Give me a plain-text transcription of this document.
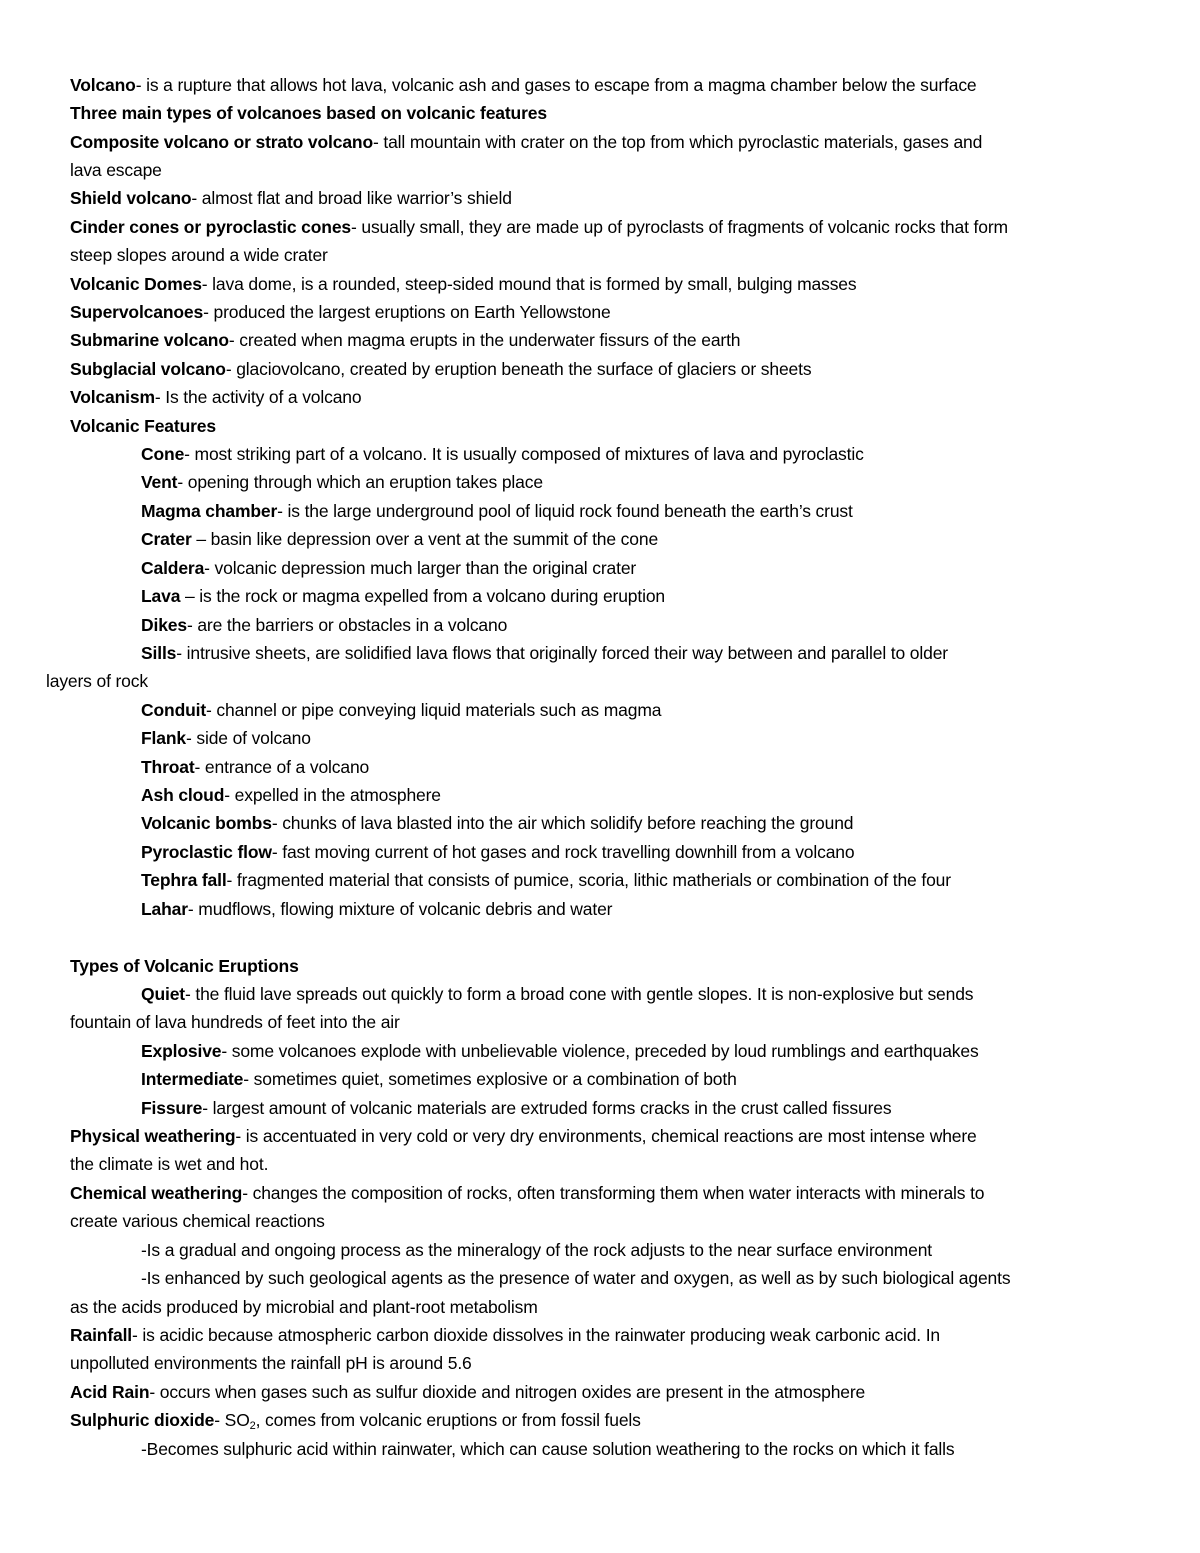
Volcano- is a rupture that allows hot lava, volcanic ash and gases to escape from a magma chamber below the surface
Three main types of volcanoes based on volcanic features
Composite volcano or strato volcano- tall mountain with crater on the top from which pyroclastic materials, gases and
lava escape
Shield volcano- almost flat and broad like warrior’s shield
Cinder cones or pyroclastic cones- usually small, they are made up of pyroclasts of fragments of volcanic rocks that form
steep slopes around a wide crater
Volcanic Domes- lava dome, is a rounded, steep-sided mound that is formed by small, bulging masses
Supervolcanoes- produced the largest eruptions on Earth Yellowstone
Submarine volcano- created when magma erupts in the underwater fissurs of the earth
Subglacial volcano- glaciovolcano, created by eruption beneath the surface of glaciers or sheets
Volcanism- Is the activity of a volcano
Volcanic Features
Cone- most striking part of a volcano. It is usually composed of mixtures of lava and pyroclastic
Vent- opening through which an eruption takes place
Magma chamber- is the large underground pool of liquid rock found beneath the earth’s crust
Crater – basin like depression over a vent at the summit of the cone
Caldera- volcanic depression much larger than the original crater
Lava – is the rock or magma expelled from a volcano during eruption
Dikes- are the barriers or obstacles in a volcano
Sills- intrusive sheets, are solidified lava flows that originally forced their way between and parallel to older
layers of rock
Conduit- channel or pipe conveying liquid materials such as magma
Flank- side of volcano
Throat- entrance of a volcano
Ash cloud- expelled in the atmosphere
Volcanic bombs- chunks of lava blasted into the air which solidify before reaching the ground
Pyroclastic flow- fast moving current of hot gases and rock travelling downhill from a volcano
Tephra fall- fragmented material that consists of pumice, scoria, lithic matherials or combination of the four
Lahar- mudflows, flowing mixture of volcanic debris and water
Types of Volcanic Eruptions
Quiet- the fluid lave spreads out quickly to form a broad cone with gentle slopes. It is non-explosive but sends
fountain of lava hundreds of feet into the air
Explosive- some volcanoes explode with unbelievable violence, preceded by loud rumblings and earthquakes
Intermediate- sometimes quiet, sometimes explosive or a combination of both
Fissure- largest amount of volcanic materials are extruded forms cracks in the crust called fissures
Physical weathering- is accentuated in very cold or very dry environments, chemical reactions are most intense where
the climate is wet and hot.
Chemical weathering- changes the composition of rocks, often transforming them when water interacts with minerals to
create various chemical reactions
-Is a gradual and ongoing process as the mineralogy of the rock adjusts to the near surface environment
-Is enhanced by such geological agents as the presence of water and oxygen, as well as by such biological agents
as the acids produced by microbial and plant-root metabolism
Rainfall- is acidic because atmospheric carbon dioxide dissolves in the rainwater producing weak carbonic acid. In
unpolluted environments the rainfall pH is around 5.6
Acid Rain- occurs when gases such as sulfur dioxide and nitrogen oxides are present in the atmosphere
Sulphuric dioxide- $SO_2$, comes from volcanic eruptions or from fossil fuels
-Becomes sulphuric acid within rainwater, which can cause solution weathering to the rocks on which it falls
